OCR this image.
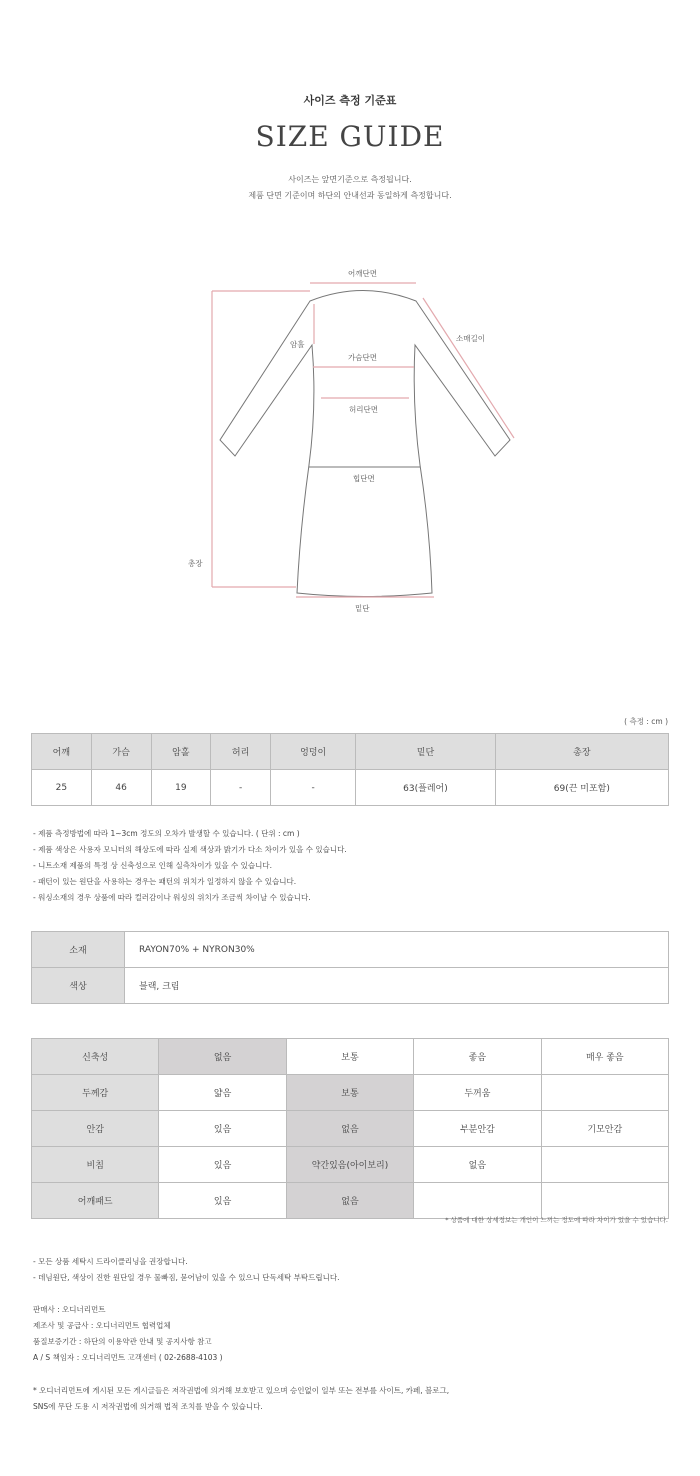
사이즈 측정 기준표
SIZE GUIDE
사이즈는 앞면기준으로 측정됩니다.
제품 단면 기준이며 하단의 안내선과 동일하게 측정합니다.
어깨단면
소매길이
암홀
가슴단면
허리단면
힙단면
총장
밑단
( 측정 : cm )
어깨	가슴	암홀	허리	엉덩이	밑단	총장
25	46	19	-	-	63(플레어)	69(끈 미포함)
- 제품 측정방법에 따라 1~3cm 정도의 오차가 발생할 수 있습니다. ( 단위 : cm )
- 제품 색상은 사용자 모니터의 해상도에 따라 실제 색상과 밝기가 다소 차이가 있을 수 있습니다.
- 니트소재 제품의 특정 상 신축성으로 인해 실측차이가 있을 수 있습니다.
- 패턴이 있는 원단을 사용하는 경우는 패턴의 위치가 일정하지 않을 수 있습니다.
- 워싱소재의 경우 상품에 따라 컬러감이나 워싱의 위치가 조금씩 차이날 수 있습니다.
소재	RAYON70% + NYRON30%
색상	블랙, 크림
신축성	없음	보통	좋음	매우 좋음
두께감	얇음	보통	두꺼움	
안감	있음	없음	부분안감	기모안감
비침	있음	약간있음(아이보리)	없음	
어깨패드	있음	없음		
* 상품에 대한 상세정보는 개인이 느끼는 정도에 따라 차이가 있을 수 있습니다.
- 모든 상품 세탁시 드라이클리닝을 권장합니다.
- 데님원단, 색상이 진한 원단일 경우 물빠짐, 묻어남이 있을 수 있으니 단독세탁 부탁드립니다.
판매사 : 오디너리먼트
제조사 및 공급사 : 오디너리먼트 협력업체
품질보증기간 : 하단의 이용약관 안내 및 공지사항 참고
A / S 책임자 : 오디너리먼트 고객센터 ( 02-2688-4103 )
* 오디너리먼트에 게시된 모든 게시글들은 저작권법에 의거해 보호받고 있으며 승인없이 일부 또는 전부를 사이트, 카페, 블로그,
SNS에 무단 도용 시 저작권법에 의거해 법적 조치를 받을 수 있습니다.
